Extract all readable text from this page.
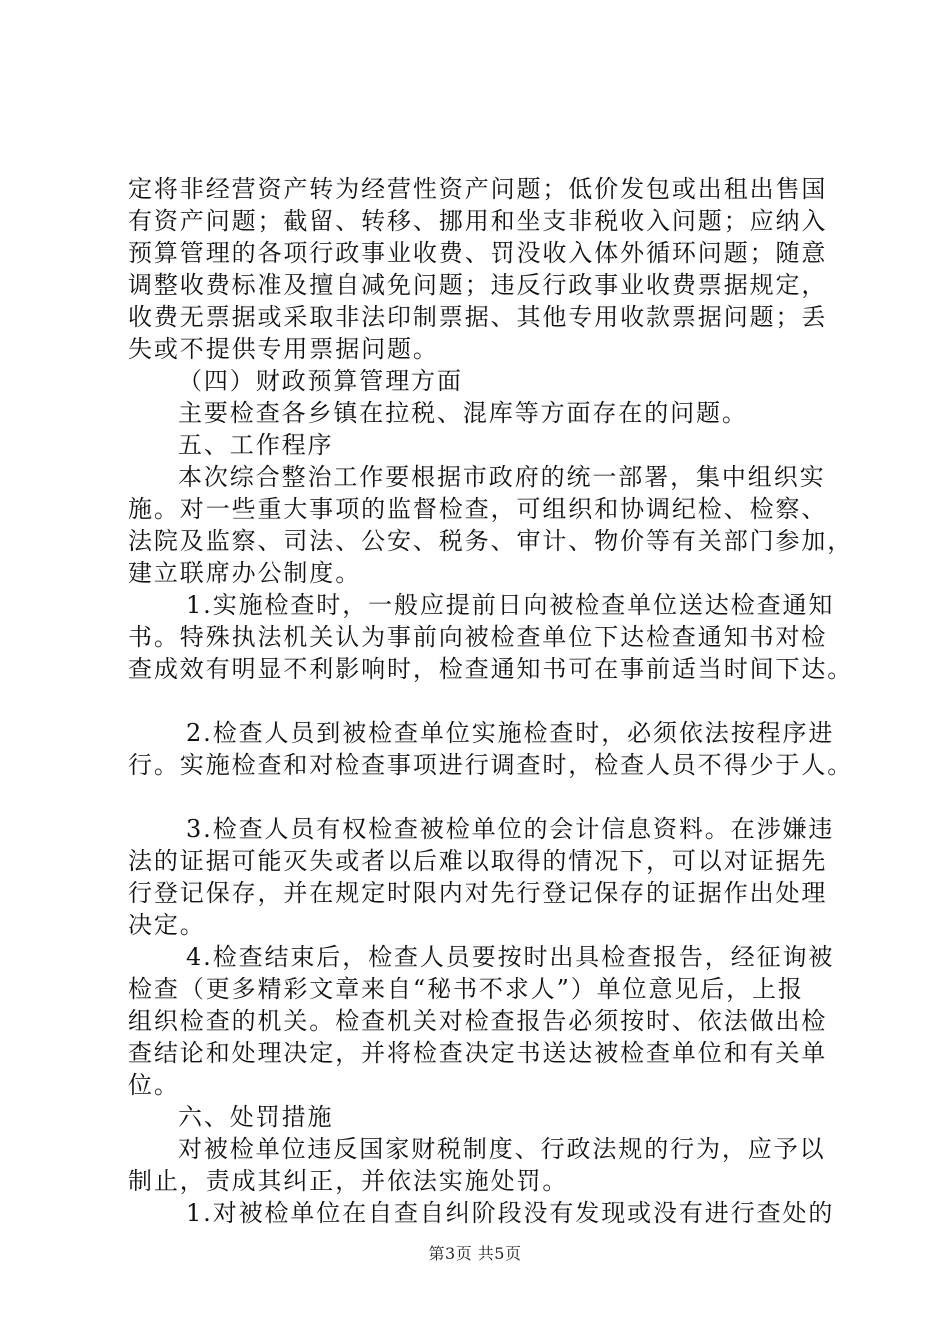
定将非经营资产转为经营性资产问题；低价发包或出租出售国
有资产问题；截留、转移、挪用和坐支非税收入问题；应纳入
预算管理的各项行政事业收费、罚没收入体外循环问题；随意
调整收费标准及擅自减免问题；违反行政事业收费票据规定，
收费无票据或采取非法印制票据、其他专用收款票据问题；丢
失或不提供专用票据问题。
（四）财政预算管理方面
主要检查各乡镇在拉税、混库等方面存在的问题。
五、工作程序
本次综合整治工作要根据市政府的统一部署，集中组织实
施。对一些重大事项的监督检查，可组织和协调纪检、检察、
法院及监察、司法、公安、税务、审计、物价等有关部门参加，
建立联席办公制度。
1.实施检查时，一般应提前日向被检查单位送达检查通知
书。特殊执法机关认为事前向被检查单位下达检查通知书对检
查成效有明显不利影响时，检查通知书可在事前适当时间下达。
2.检查人员到被检查单位实施检查时，必须依法按程序进
行。实施检查和对检查事项进行调查时，检查人员不得少于人。
3.检查人员有权检查被检单位的会计信息资料。在涉嫌违
法的证据可能灭失或者以后难以取得的情况下，可以对证据先
行登记保存，并在规定时限内对先行登记保存的证据作出处理
决定。
4.检查结束后，检查人员要按时出具检查报告，经征询被
检查（更多精彩文章来自“秘书不求人”）单位意见后，上报
组织检查的机关。检查机关对检查报告必须按时、依法做出检
查结论和处理决定，并将检查决定书送达被检查单位和有关单
位。
六、处罚措施
对被检单位违反国家财税制度、行政法规的行为，应予以
制止，责成其纠正，并依法实施处罚。
1.对被检单位在自查自纠阶段没有发现或没有进行查处的
第3页 共5页
